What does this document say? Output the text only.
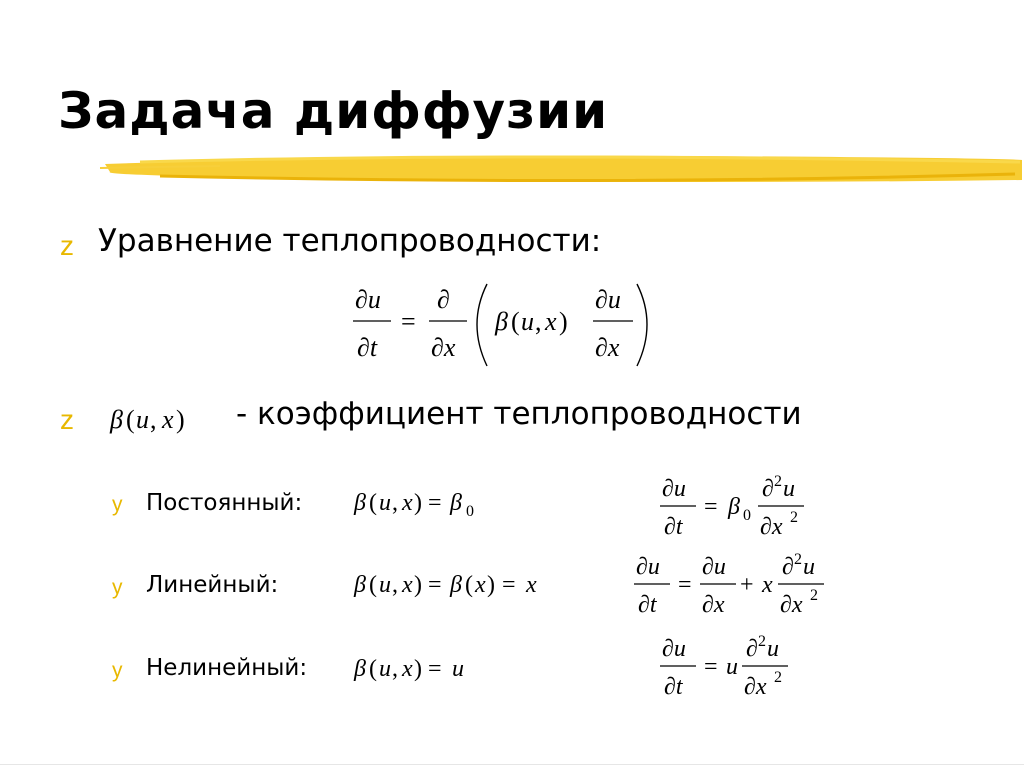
Задача диффузии
z Уравнение теплопроводности:
∂u
∂t
=
∂
∂x
β ( u , x )
∂u
∂x
z β ( u , x ) - коэффициент теплопроводности
y Постоянный: β ( u , x ) = β 0
∂u
∂t
= β 0
∂ 2 u
∂x 2
y Линейный:	β ( u , x ) = β ( x ) = x
∂u
∂t
=
∂u
∂x
+ x
∂ 2 u
∂x 2
y Нелинейный: β ( u , x ) = u
∂u
∂t
= u
∂ 2 u
∂x 2
